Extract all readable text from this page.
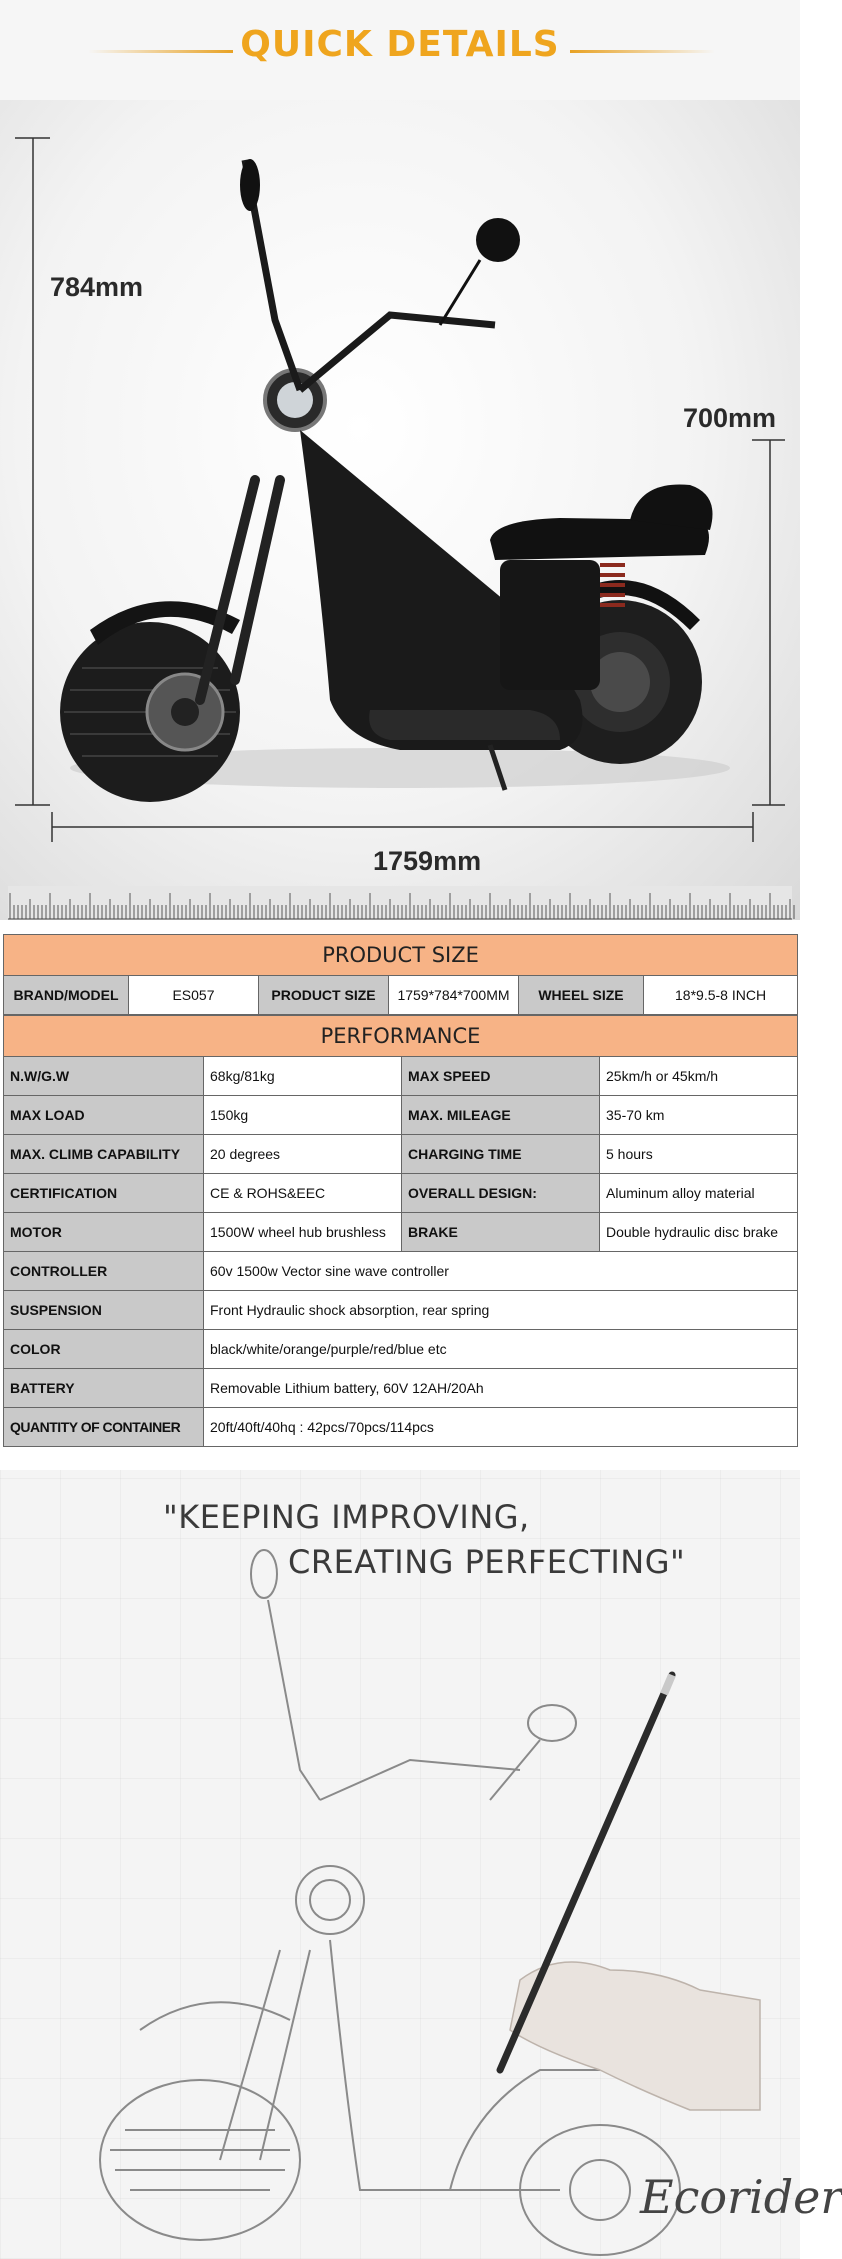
QUICK DETAILS
784mm
700mm
1759mm
PRODUCT SIZE
BRAND/MODEL	ES057	PRODUCT SIZE	1759*784*700MM	WHEEL SIZE	18*9.5-8 INCH
PERFORMANCE			
N.W/G.W	68kg/81kg	MAX SPEED	25km/h or 45km/h
MAX LOAD	150kg	MAX. MILEAGE	35-70 km
MAX. CLIMB CAPABILITY	20 degrees	CHARGING TIME	5 hours
CERTIFICATION	CE & ROHS&EEC	OVERALL DESIGN:	Aluminum alloy material
MOTOR	1500W wheel hub brushless	BRAKE	Double hydraulic disc brake
CONTROLLER	60v 1500w Vector sine wave controller		
SUSPENSION	Front Hydraulic shock absorption, rear spring		
COLOR	black/white/orange/purple/red/blue etc		
BATTERY	Removable Lithium battery, 60V 12AH/20Ah		
QUANTITY OF CONTAINER	20ft/40ft/40hq : 42pcs/70pcs/114pcs		
"KEEPING IMPROVING,
CREATING PERFECTING"
Ecorider
